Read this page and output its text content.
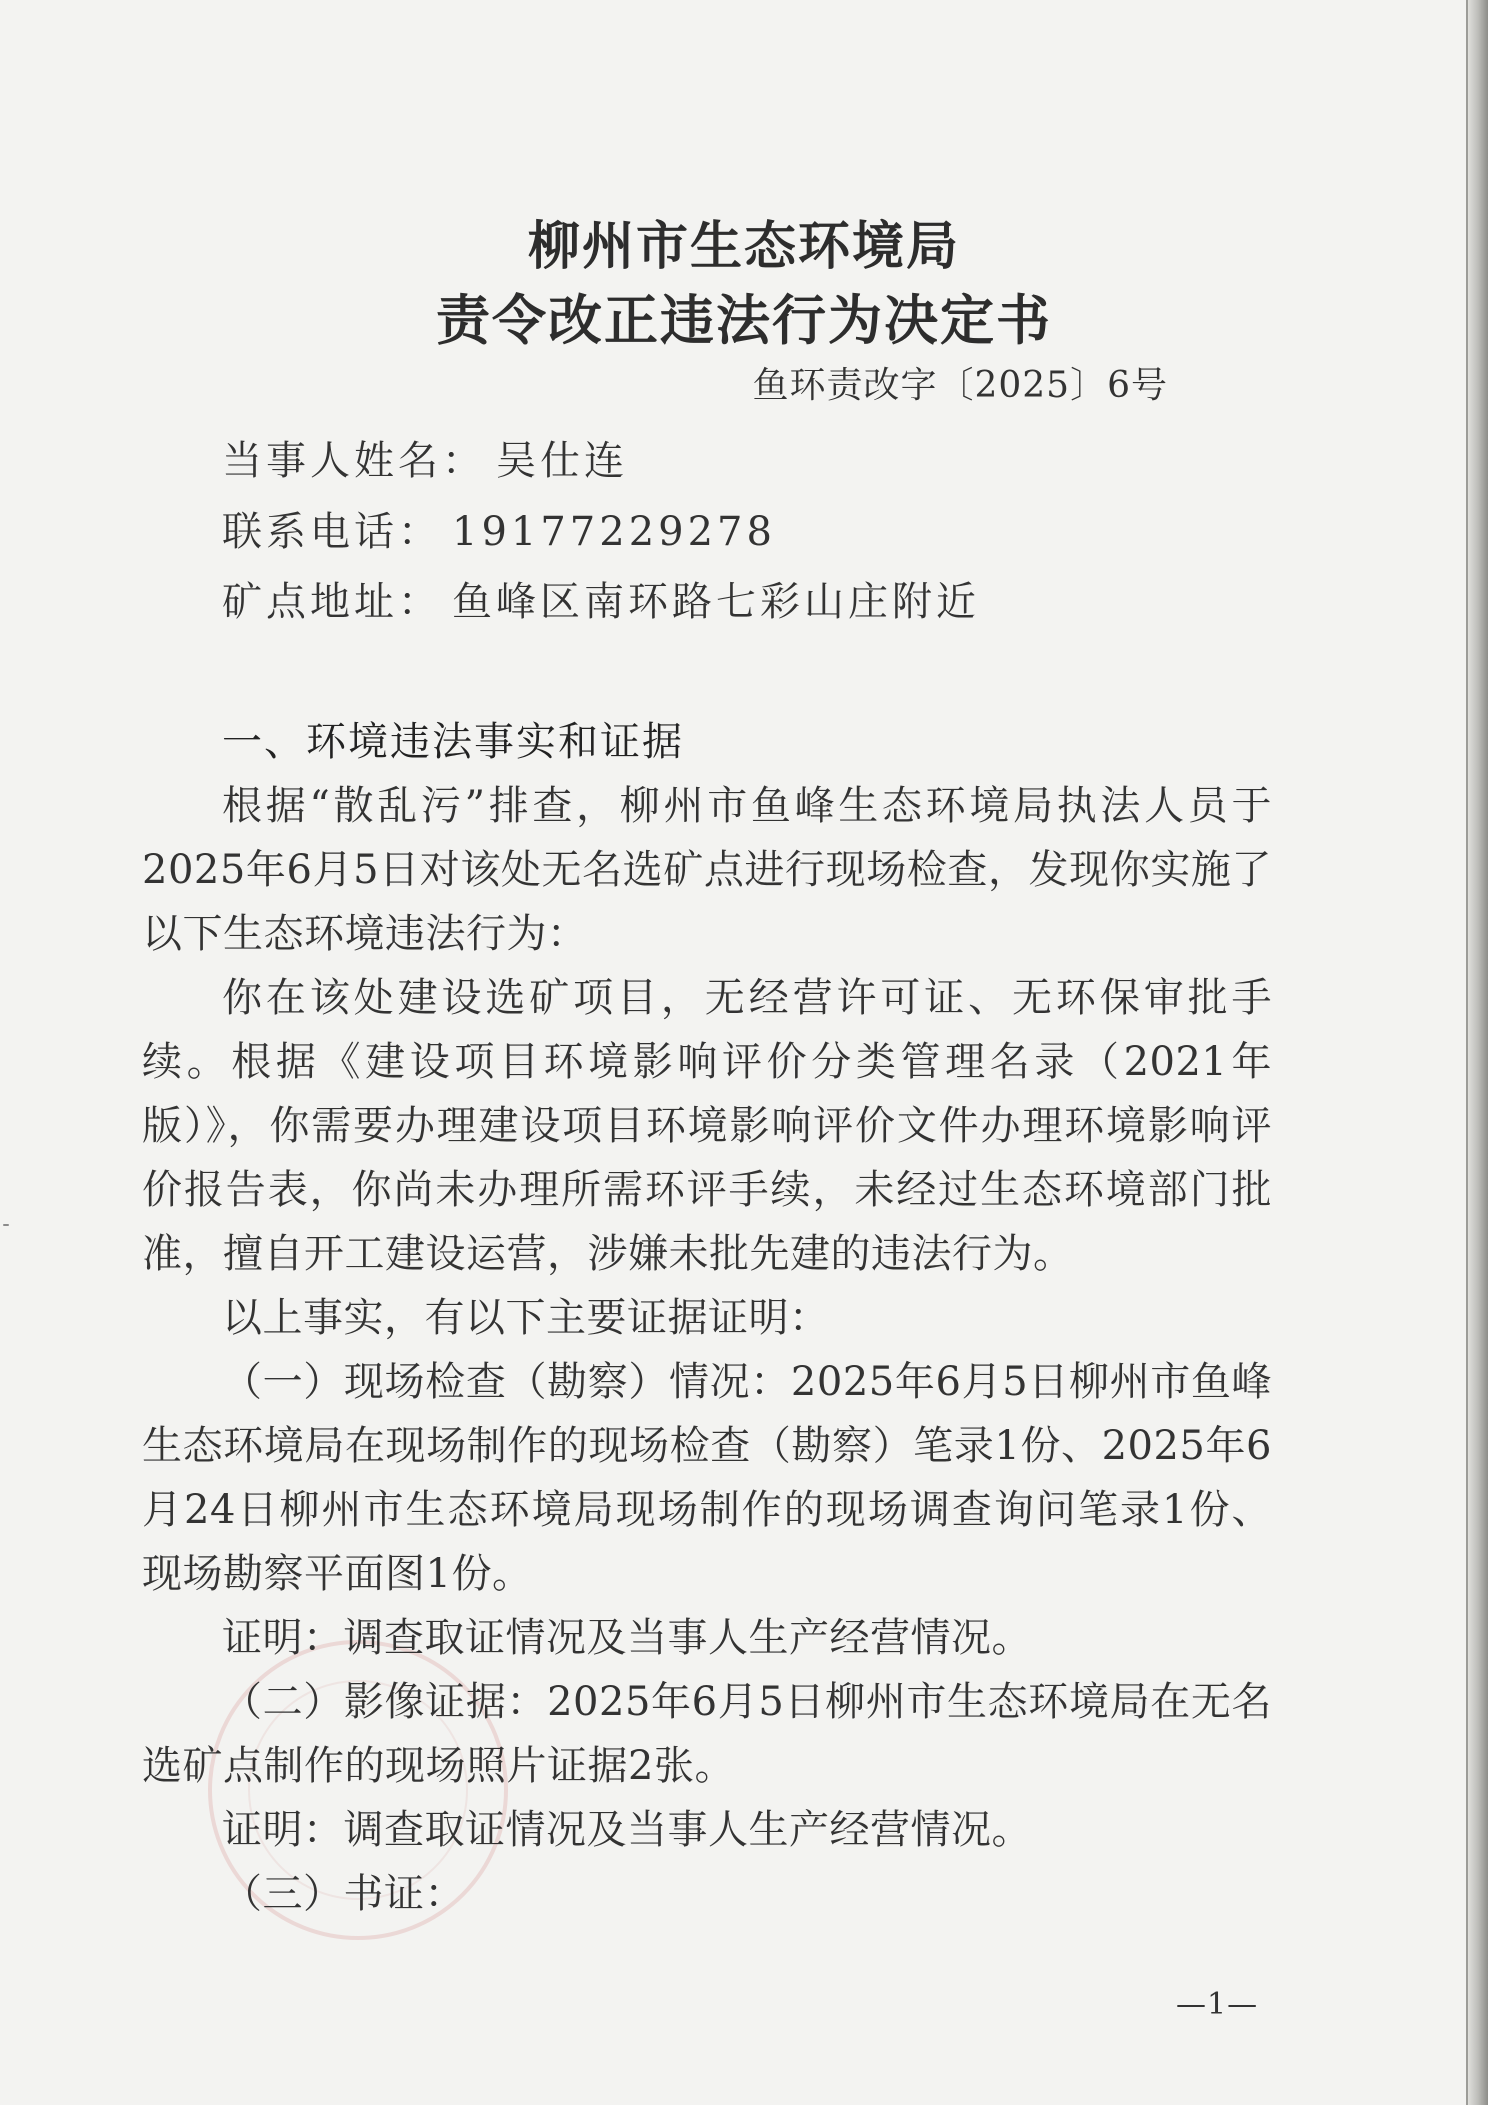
柳州市生态环境局
责令改正违法行为决定书
鱼环责改字〔2025〕6号
当事人姓名： 吴仕连
联系电话： 19177229278
矿点地址： 鱼峰区南环路七彩山庄附近
一、环境违法事实和证据
根据“散乱污”排查，柳州市鱼峰生态环境局执法人员于2025年6月5日对该处无名选矿点进行现场检查，发现你实施了以下生态环境违法行为：
你在该处建设选矿项目，无经营许可证、无环保审批手续。根据《建设项目环境影响评价分类管理名录（2021年版）》，你需要办理建设项目环境影响评价文件办理环境影响评价报告表，你尚未办理所需环评手续，未经过生态环境部门批准，擅自开工建设运营，涉嫌未批先建的违法行为。
以上事实，有以下主要证据证明：
（一）现场检查（勘察）情况：2025年6月5日柳州市鱼峰生态环境局在现场制作的现场检查（勘察）笔录1份、2025年6月24日柳州市生态环境局现场制作的现场调查询问笔录1份、现场勘察平面图1份。
证明：调查取证情况及当事人生产经营情况。
（二）影像证据：2025年6月5日柳州市生态环境局在无名选矿点制作的现场照片证据2张。
证明：调查取证情况及当事人生产经营情况。
（三）书证：
—1—
